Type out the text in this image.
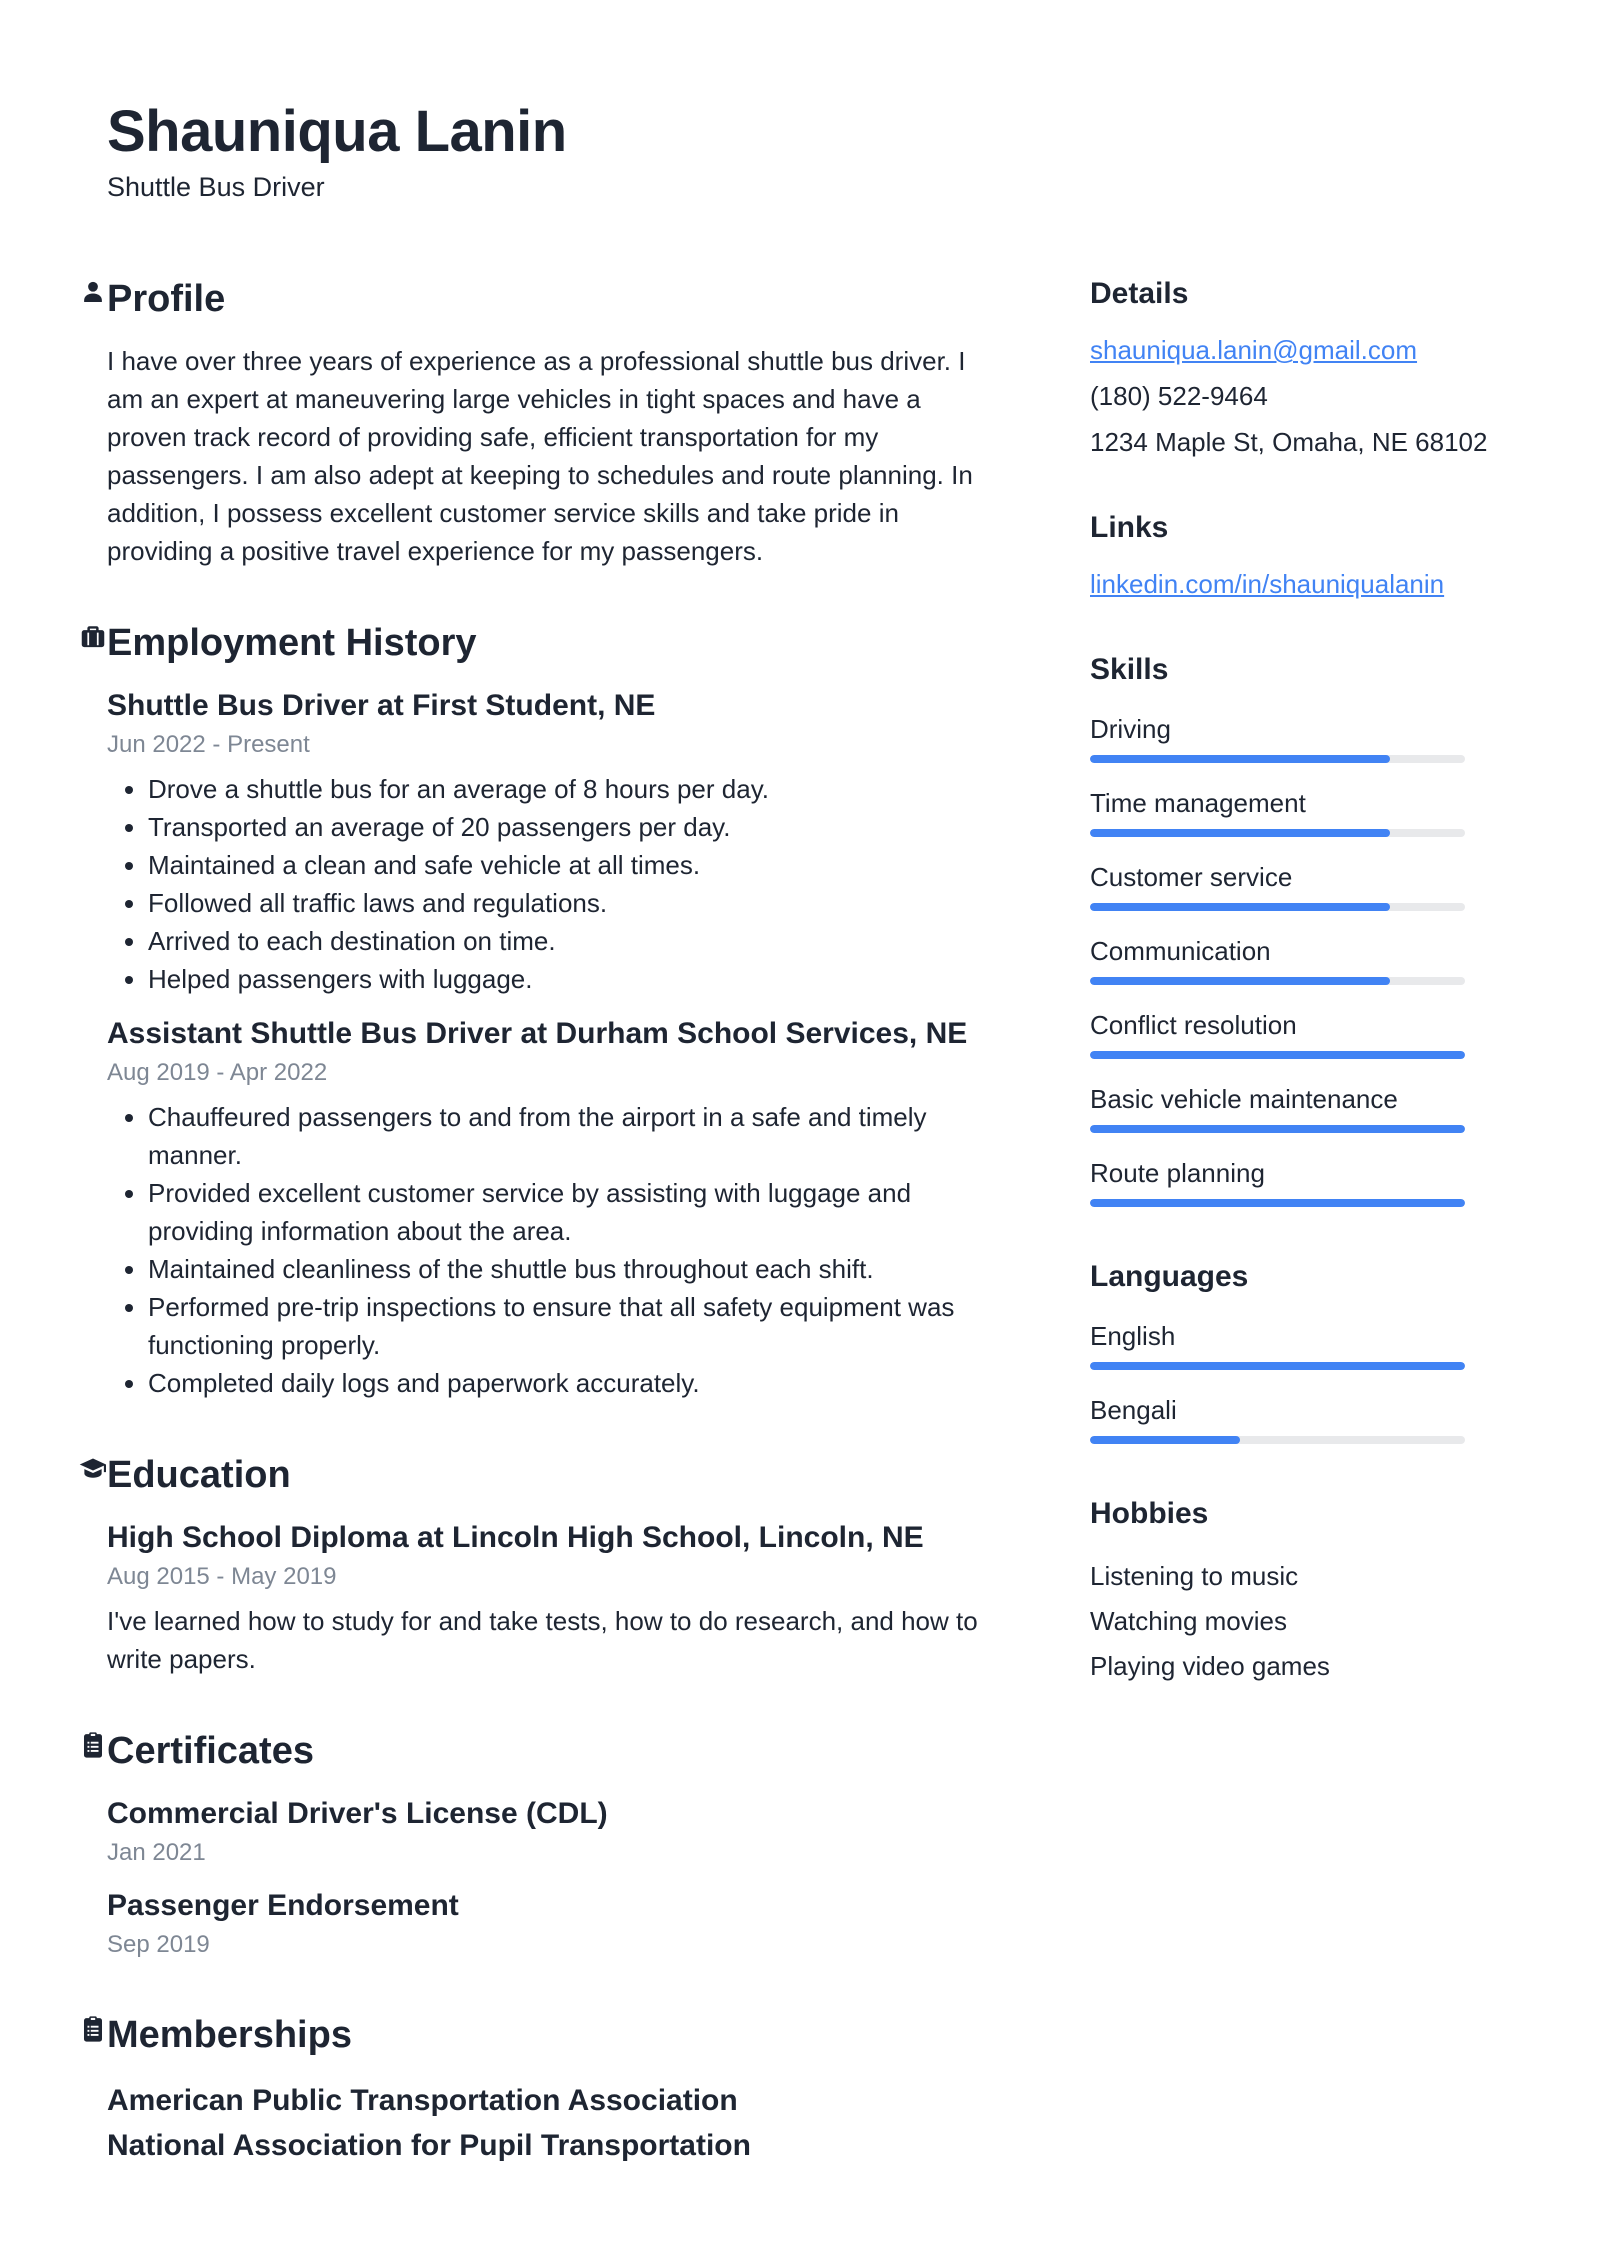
Shauniqua Lanin
Shuttle Bus Driver
Profile

I have over three years of experience as a professional shuttle bus driver. I am an expert at maneuvering large vehicles in tight spaces and have a proven track record of providing safe, efficient transportation for my passengers. I am also adept at keeping to schedules and route planning. In addition, I possess excellent customer service skills and take pride in providing a positive travel experience for my passengers.

Employment History
Shuttle Bus Driver at First Student, NE
Jun 2022 - Present
• Drove a shuttle bus for an average of 8 hours per day.
• Transported an average of 20 passengers per day.
• Maintained a clean and safe vehicle at all times.
• Followed all traffic laws and regulations.
• Arrived to each destination on time.
• Helped passengers with luggage.
Assistant Shuttle Bus Driver at Durham School Services, NE
Aug 2019 - Apr 2022
• Chauffeured passengers to and from the airport in a safe and timely manner.
• Provided excellent customer service by assisting with luggage and providing information about the area.
• Maintained cleanliness of the shuttle bus throughout each shift.
• Performed pre-trip inspections to ensure that all safety equipment was functioning properly.
• Completed daily logs and paperwork accurately.
Education
High School Diploma at Lincoln High School, Lincoln, NE
Aug 2015 - May 2019

I've learned how to study for and take tests, how to do research, and how to write papers.

Certificates
Commercial Driver's License (CDL)
Jan 2021
Passenger Endorsement
Sep 2019
Memberships
American Public Transportation Association
National Association for Pupil Transportation
Details
shauniqua.lanin@gmail.com
(180) 522-9464
1234 Maple St, Omaha, NE 68102
Links
linkedin.com/in/shauniqualanin
Skills
Driving
Time management
Customer service
Communication
Conflict resolution
Basic vehicle maintenance
Route planning
Languages
English
Bengali
Hobbies
Listening to music
Watching movies
Playing video games
